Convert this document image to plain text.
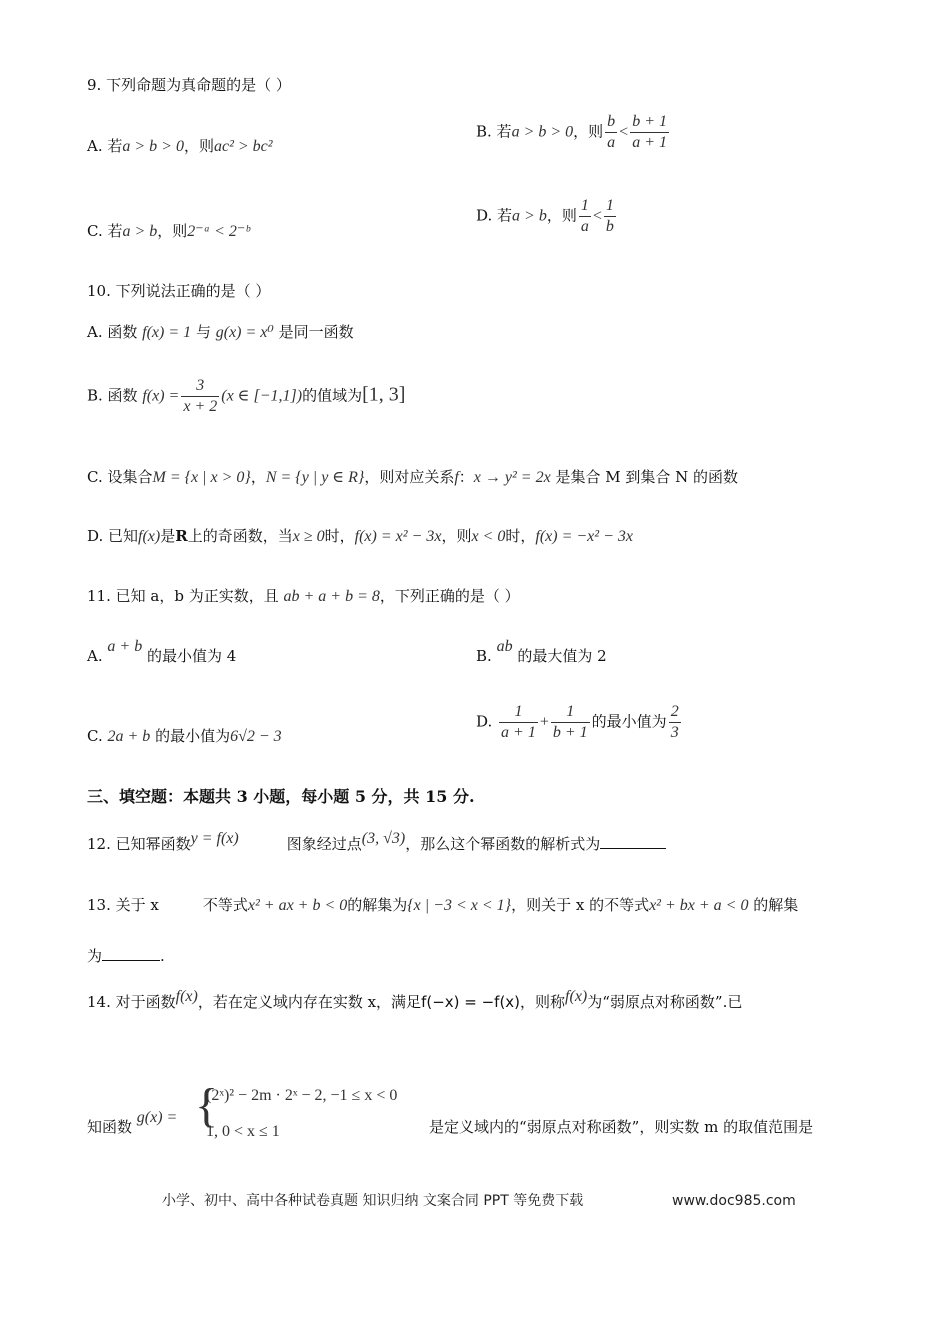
9. 下列命题为真命题的是（ ）
A. 若a > b > 0，则ac² > bc²
B. 若a > b > 0，则 $\frac{b}{a} < \frac{b + 1}{a + 1}$
C. 若a > b，则2⁻ᵃ < 2⁻ᵇ
D. 若a > b，则 $\frac{1}{a} < \frac{1}{b}$
10. 下列说法正确的是（ ）
A. 函数 f(x) = 1 与 g(x) = x⁰ 是同一函数
B. 函数 $f(x) = \frac{3}{x + 2} (x$ ∈ [−1,1])的值域为[1, 3]
C. 设集合M = {x | x > 0}，N = {y | y ∈ R}，则对应关系f：x → y² = 2x 是集合 M 到集合 N 的函数
D. 已知f(x)是R上的奇函数，当x ≥ 0时，f(x) = x² − 3x，则x < 0时，f(x) = −x² − 3x
11. 已知 a，b 为正实数，且 ab + a + b = 8，下列正确的是（ ）
A. a + b 的最小值为 4	B. ab 的最大值为 2
C. 2a + b 的最小值为6√2 − 3
D. $\frac{1}{a + 1} + \frac{1}{b + 1}$ 的最小值为 $\frac{2}{3}$
三、填空题：本题共 3 小题，每小题 5 分，共 15 分.
12. 已知幂函数y = f(x)	图象经过点(3, √3)，那么这个幂函数的解析式为
13. 关于 x	不等式x² + ax + b < 0的解集为{x | −3 < x < 1}，则关于 x 的不等式x² + bx + a < 0 的解集
为	.
14. 对于函数f(x)，若在定义域内存在实数 x，满足f(−x) = −f(x)，则称f(x)为“弱原点对称函数”.已
知函数 g(x) = {
(2ˣ)² − 2m · 2ˣ − 2, −1 ≤ x < 0
1, 0 < x ≤ 1	是定义域内的“弱原点对称函数”，则实数 m 的取值范围是
小学、初中、高中各种试卷真题 知识归纳 文案合同 PPT 等免费下载	www.doc985.com
